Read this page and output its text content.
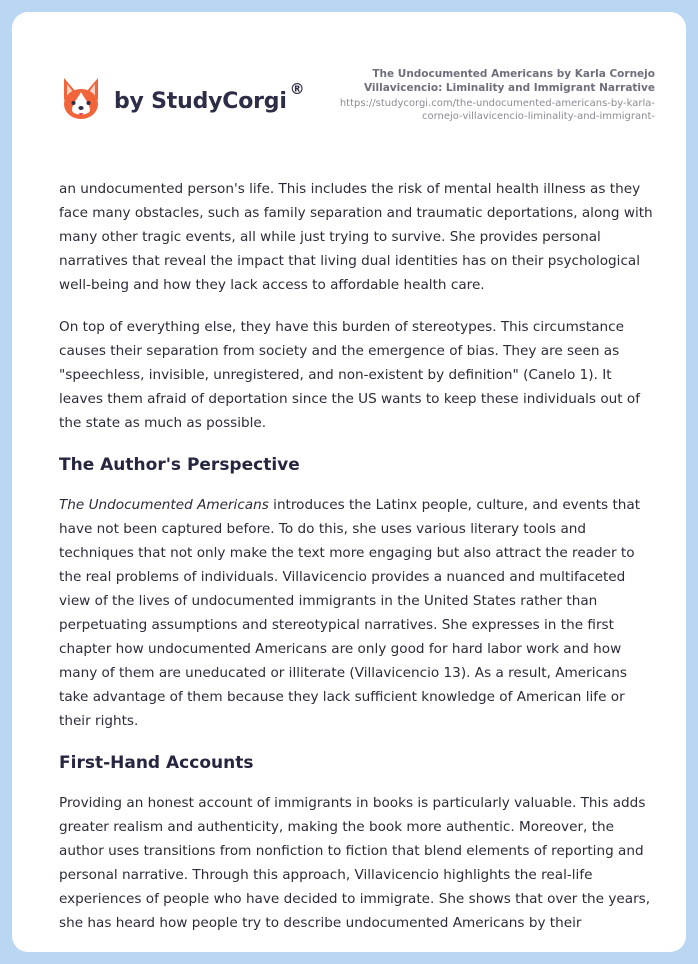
by StudyCorgi ®
The Undocumented Americans by Karla Cornejo Villavicencio: Liminality and Immigrant Narrative
https://studycorgi.com/the-undocumented-americans-by-karla-cornejo-villavicencio-liminality-and-immigrant-

an undocumented person's life. This includes the risk of mental health illness as they face many obstacles, such as family separation and traumatic deportations, along with many other tragic events, all while just trying to survive. She provides personal narratives that reveal the impact that living dual identities has on their psychological well-being and how they lack access to affordable health care.

On top of everything else, they have this burden of stereotypes. This circumstance causes their separation from society and the emergence of bias. They are seen as "speechless, invisible, unregistered, and non-existent by definition" (Canelo 1). It leaves them afraid of deportation since the US wants to keep these individuals out of the state as much as possible.

The Author's Perspective

The Undocumented Americans introduces the Latinx people, culture, and events that have not been captured before. To do this, she uses various literary tools and techniques that not only make the text more engaging but also attract the reader to the real problems of individuals. Villavicencio provides a nuanced and multifaceted view of the lives of undocumented immigrants in the United States rather than perpetuating assumptions and stereotypical narratives. She expresses in the first chapter how undocumented Americans are only good for hard labor work and how many of them are uneducated or illiterate (Villavicencio 13). As a result, Americans take advantage of them because they lack sufficient knowledge of American life or their rights.

First-Hand Accounts

Providing an honest account of immigrants in books is particularly valuable. This adds greater realism and authenticity, making the book more authentic. Moreover, the author uses transitions from nonfiction to fiction that blend elements of reporting and personal narrative. Through this approach, Villavicencio highlights the real-life experiences of people who have decided to immigrate. She shows that over the years, she has heard how people try to describe undocumented Americans by their
